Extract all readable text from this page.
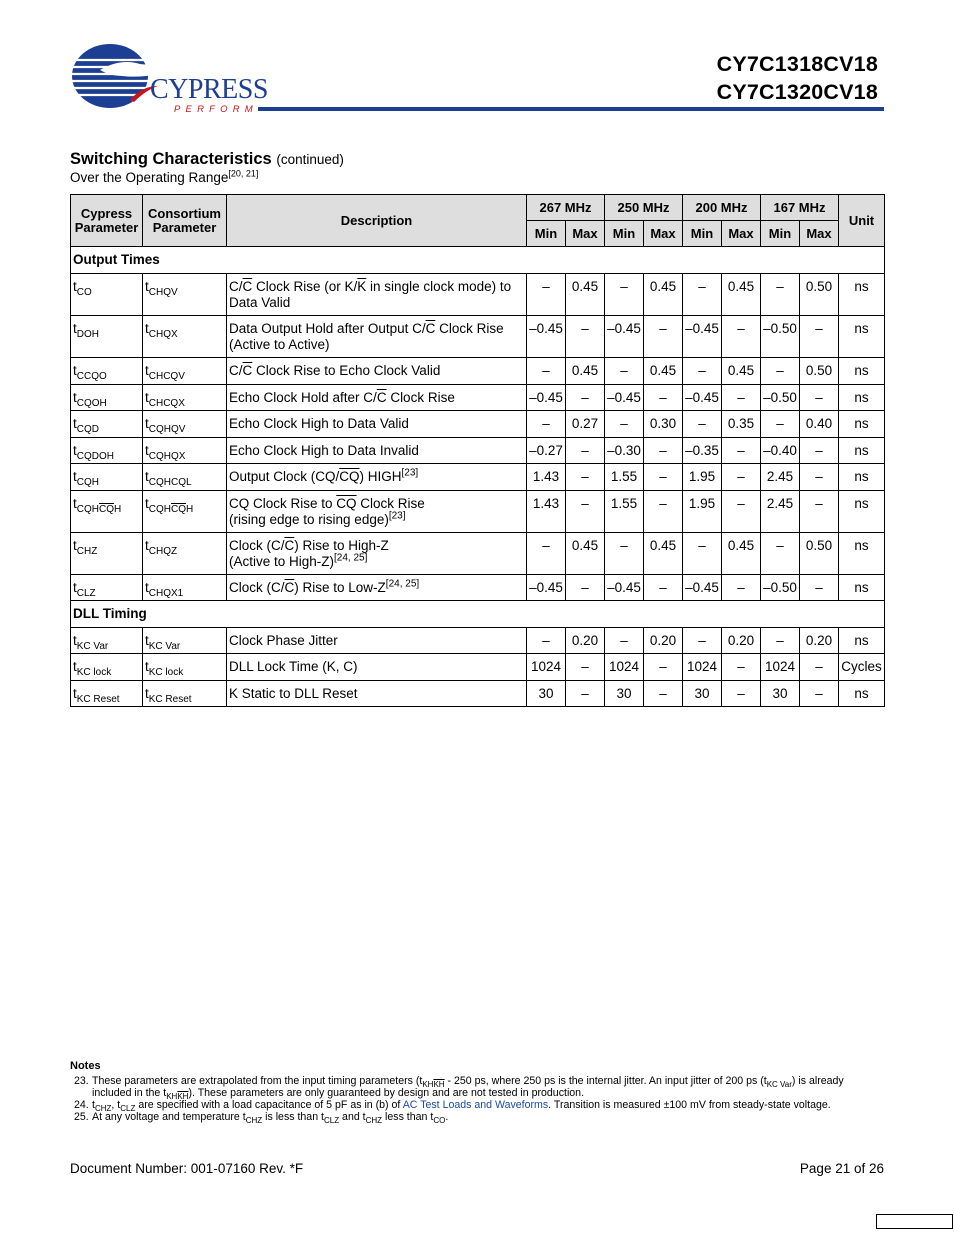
CYPRESS
PERFORM
CY7C1318CV18
CY7C1320CV18
Switching Characteristics (continued)
Over the Operating Range[20, 21]
Cypress Parameter	Consortium Parameter	Description	267 MHz		250 MHz		200 MHz		167 MHz		Unit
			Min	Max	Min	Max	Min	Max	Min	Max	
Output Times											
$t_{CO}$	$t_{CHQV}$	$C/\overline{C}$ Clock Rise (or $K/\overline{K}$ in single clock mode) to Data Valid	–	0.45	–	0.45	–	0.45	–	0.50	ns
$t_{DOH}$	$t_{CHQX}$	Data Output Hold after Output $C/\overline{C}$ Clock Rise (Active to Active)	–0.45	–	–0.45	–	–0.45	–	–0.50	–	ns
$t_{CCQO}$	$t_{CHCQV}$	$C/\overline{C}$ Clock Rise to Echo Clock Valid	–	0.45	–	0.45	–	0.45	–	0.50	ns
$t_{CQOH}$	$t_{CHCQX}$	Echo Clock Hold after $C/\overline{C}$ Clock Rise	–0.45	–	–0.45	–	–0.45	–	–0.50	–	ns
$t_{CQD}$	$t_{CQHQV}$	Echo Clock High to Data Valid	–	0.27	–	0.30	–	0.35	–	0.40	ns
$t_{CQDOH}$	$t_{CQHQX}$	Echo Clock High to Data Invalid	–0.27	–	–0.30	–	–0.35	–	–0.40	–	ns
$t_{CQH}$	$t_{CQHCQL}$	Output Clock $(CQ/\overline{CQ})$ HIGH[23]	1.43	–	1.55	–	1.95	–	2.45	–	ns
$t_{CQH\overline{CQ}H}$	$t_{CQH\overline{CQ}H}$	CQ Clock Rise to $\overline{CQ}$ Clock Rise
(rising edge to rising edge)[23]	1.43	–	1.55	–	1.95	–	2.45	–	ns
$t_{CHZ}$	$t_{CHQZ}$	Clock $(C/\overline{C})$ Rise to High-Z
(Active to High-Z)[24, 25]	–	0.45	–	0.45	–	0.45	–	0.50	ns
$t_{CLZ}$	$t_{CHQX1}$	Clock $(C/\overline{C})$ Rise to Low-Z[24, 25]	–0.45	–	–0.45	–	–0.45	–	–0.50	–	ns
DLL Timing											
$t_{KC Var}$	$t_{KC Var}$	Clock Phase Jitter	–	0.20	–	0.20	–	0.20	–	0.20	ns
$t_{KC lock}$	$t_{KC lock}$	DLL Lock Time (K, C)	1024	–	1024	–	1024	–	1024	–	Cycles
$t_{KC Reset}$	$t_{KC Reset}$	K Static to DLL Reset	30	–	30	–	30	–	30	–	ns
Notes
23. These parameters are extrapolated from the input timing parameters ($t_{KH\overline{KH}} - 250$ ps, where 250 ps is the internal jitter. An input jitter of 200 ps $(t_{KC Var})$ is already included in the $t_{KH\overline{KH}}$). These parameters are only guaranteed by design and are not tested in production.
24. $t_{CHZ}$, $t_{CLZ}$ are specified with a load capacitance of 5 pF as in (b) of AC Test Loads and Waveforms. Transition is measured ±100 mV from steady-state voltage.
25. At any voltage and temperature $t_{CHZ}$ is less than $t_{CLZ}$ and $t_{CHZ}$ less than $t_{CO}$.
Document Number: 001-07160 Rev. *F	Page 21 of 26
